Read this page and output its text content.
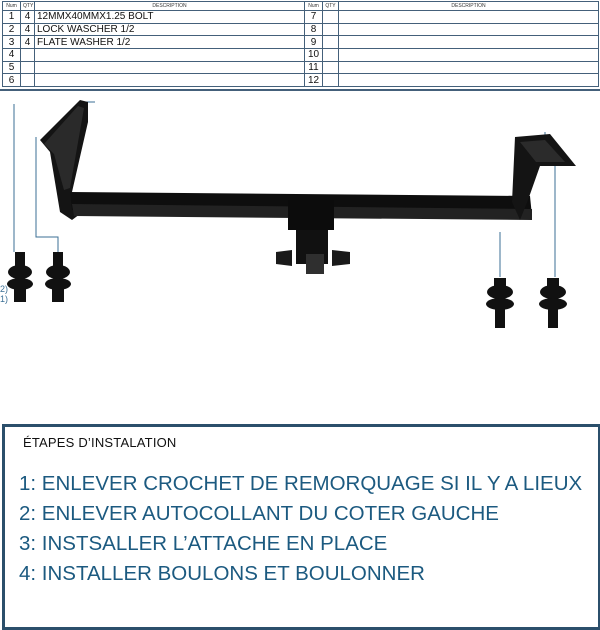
Num	QTY	DESCRIPTION	Num	QTY	DESCRIPTION
1	4	12MMX40MMX1.25 BOLT	7		
2	4	LOCK WASCHER 1/2	8		
3	4	FLATE WASHER 1/2	9		
4			10		
5			11		
6			12		
2) 1)
ÉTAPES D’INSTALATION
1: ENLEVER CROCHET DE REMORQUAGE SI IL Y A LIEUX
2: ENLEVER AUTOCOLLANT DU COTER GAUCHE
3: INSTSALLER L’ATTACHE EN PLACE
4: INSTALLER BOULONS ET BOULONNER
